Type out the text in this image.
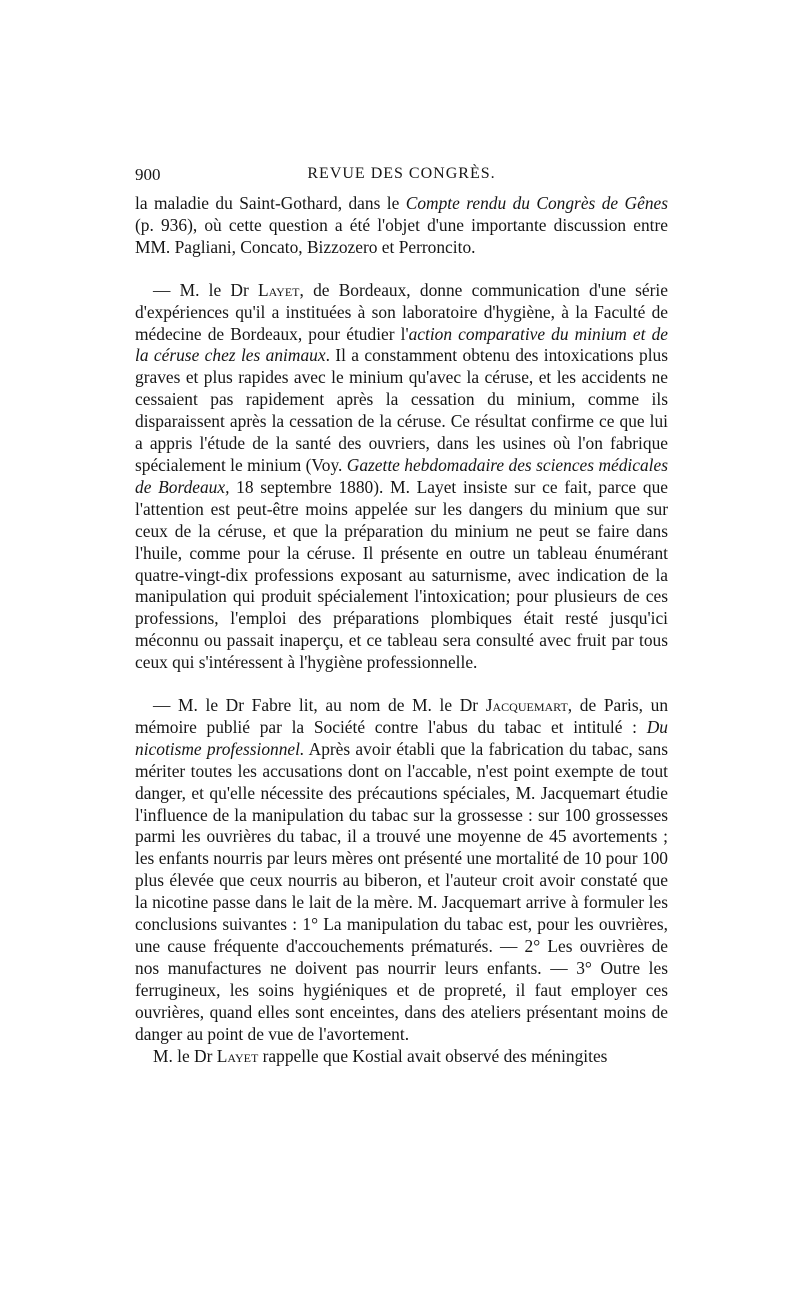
900	REVUE DES CONGRÈS.

la maladie du Saint-Gothard, dans le Compte rendu du Congrès de Gênes (p. 936), où cette question a été l'objet d'une importante discussion entre MM. Pagliani, Concato, Bizzozero et Perroncito.

— M. le Dr Layet, de Bordeaux, donne communication d'une série d'expériences qu'il a instituées à son laboratoire d'hygiène, à la Faculté de médecine de Bordeaux, pour étudier l'action comparative du minium et de la céruse chez les animaux. Il a constamment obtenu des intoxications plus graves et plus rapides avec le minium qu'avec la céruse, et les accidents ne cessaient pas rapidement après la cessation du minium, comme ils disparaissent après la cessation de la céruse. Ce résultat confirme ce que lui a appris l'étude de la santé des ouvriers, dans les usines où l'on fabrique spécialement le minium (Voy. Gazette hebdomadaire des sciences médicales de Bordeaux, 18 septembre 1880). M. Layet insiste sur ce fait, parce que l'attention est peut-être moins appelée sur les dangers du minium que sur ceux de la céruse, et que la préparation du minium ne peut se faire dans l'huile, comme pour la céruse. Il présente en outre un tableau énumérant quatre-vingt-dix professions exposant au saturnisme, avec indication de la manipulation qui produit spécialement l'intoxication; pour plusieurs de ces professions, l'emploi des préparations plombiques était resté jusqu'ici méconnu ou passait inaperçu, et ce tableau sera consulté avec fruit par tous ceux qui s'intéressent à l'hygiène professionnelle.

— M. le Dr Fabre lit, au nom de M. le Dr Jacquemart, de Paris, un mémoire publié par la Société contre l'abus du tabac et intitulé : Du nicotisme professionnel. Après avoir établi que la fabrication du tabac, sans mériter toutes les accusations dont on l'accable, n'est point exempte de tout danger, et qu'elle nécessite des précautions spéciales, M. Jacquemart étudie l'influence de la manipulation du tabac sur la grossesse : sur 100 grossesses parmi les ouvrières du tabac, il a trouvé une moyenne de 45 avortements ; les enfants nourris par leurs mères ont présenté une mortalité de 10 pour 100 plus élevée que ceux nourris au biberon, et l'auteur croit avoir constaté que la nicotine passe dans le lait de la mère. M. Jacquemart arrive à formuler les conclusions suivantes : 1° La manipulation du tabac est, pour les ouvrières, une cause fréquente d'accouchements prématurés. — 2° Les ouvrières de nos manufactures ne doivent pas nourrir leurs enfants. — 3° Outre les ferrugineux, les soins hygiéniques et de propreté, il faut employer ces ouvrières, quand elles sont enceintes, dans des ateliers présentant moins de danger au point de vue de l'avortement.

M. le Dr Layet rappelle que Kostial avait observé des méningites
